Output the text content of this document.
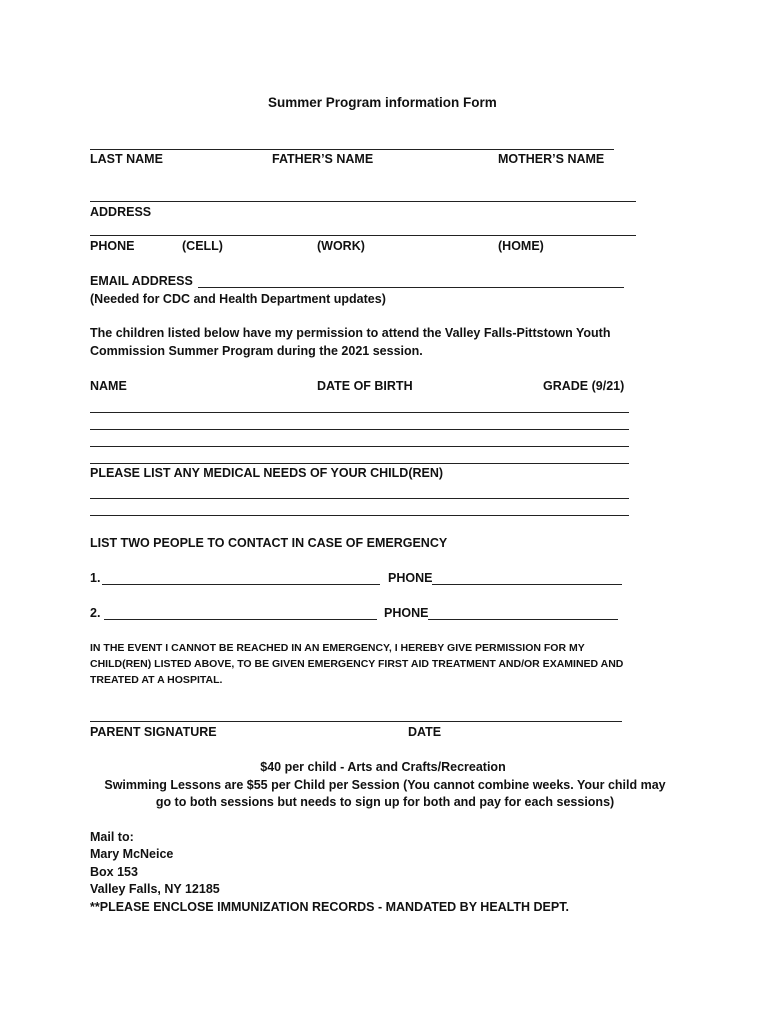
Summer Program information Form
LAST NAME	FATHER’S NAME	MOTHER’S NAME
ADDRESS
PHONE	(CELL)	(WORK)	(HOME)
EMAIL ADDRESS
(Needed for CDC and Health Department updates)
The children listed below have my permission to attend the Valley Falls-Pittstown Youth
Commission Summer Program during the 2021 session.
NAME	DATE OF BIRTH	GRADE (9/21)
PLEASE LIST ANY MEDICAL NEEDS OF YOUR CHILD(REN)
LIST TWO PEOPLE TO CONTACT IN CASE OF EMERGENCY
1.	PHONE
2.	PHONE
IN THE EVENT I CANNOT BE REACHED IN AN EMERGENCY, I HEREBY GIVE PERMISSION FOR MY
CHILD(REN) LISTED ABOVE, TO BE GIVEN EMERGENCY FIRST AID TREATMENT AND/OR EXAMINED AND
TREATED AT A HOSPITAL.
PARENT SIGNATURE	DATE
$40 per child - Arts and Crafts/Recreation
Swimming Lessons are $55 per Child per Session (You cannot combine weeks. Your child may
go to both sessions but needs to sign up for both and pay for each sessions)
Mail to:
Mary McNeice
Box 153
Valley Falls, NY 12185
**PLEASE ENCLOSE IMMUNIZATION RECORDS - MANDATED BY HEALTH DEPT.
